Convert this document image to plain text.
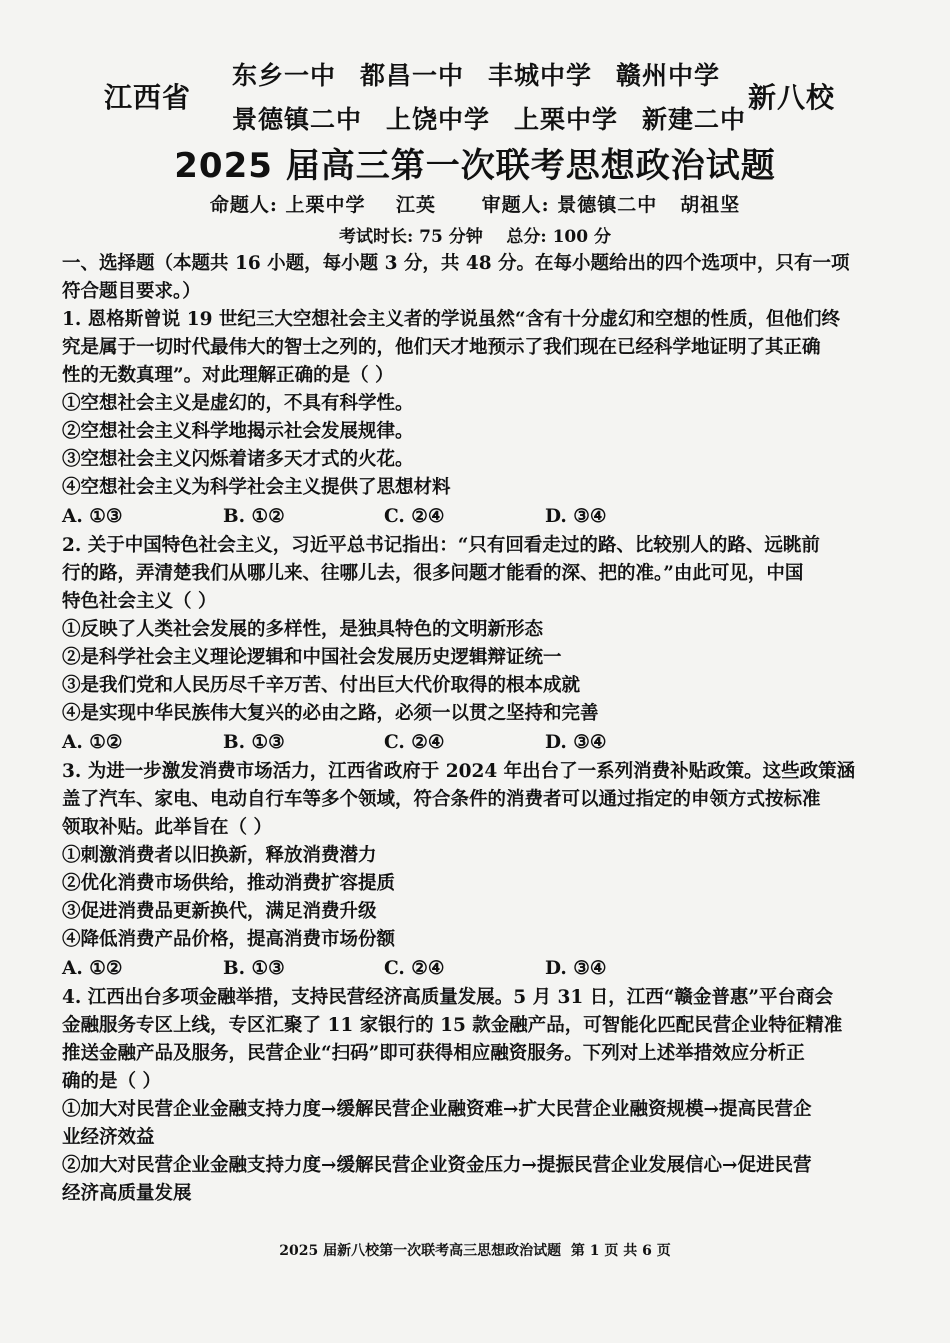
江西省
东乡一中 都昌一中 丰城中学 赣州中学
景德镇二中 上饶中学 上栗中学 新建二中
新八校
2025 届高三第一次联考思想政治试题
命题人: 上栗中学    江英      审题人: 景德镇二中   胡祖坚
考试时长: 75 分钟    总分: 100 分
一、选择题（本题共 16 小题，每小题 3 分，共 48 分。在每小题给出的四个选项中，只有一项
符合题目要求。）
1. 恩格斯曾说 19 世纪三大空想社会主义者的学说虽然“含有十分虚幻和空想的性质，但他们终
究是属于一切时代最伟大的智士之列的，他们天才地预示了我们现在已经科学地证明了其正确
性的无数真理”。对此理解正确的是（ ）
①空想社会主义是虚幻的，不具有科学性。
②空想社会主义科学地揭示社会发展规律。
③空想社会主义闪烁着诸多天才式的火花。
④空想社会主义为科学社会主义提供了思想材料
A. ①③	B. ①②	C. ②④	D. ③④
2. 关于中国特色社会主义，习近平总书记指出：“只有回看走过的路、比较别人的路、远眺前
行的路，弄清楚我们从哪儿来、往哪儿去，很多问题才能看的深、把的准。”由此可见，中国
特色社会主义（ ）
①反映了人类社会发展的多样性，是独具特色的文明新形态
②是科学社会主义理论逻辑和中国社会发展历史逻辑辩证统一
③是我们党和人民历尽千辛万苦、付出巨大代价取得的根本成就
④是实现中华民族伟大复兴的必由之路，必须一以贯之坚持和完善
A. ①②	B. ①③	C. ②④	D. ③④
3. 为进一步激发消费市场活力，江西省政府于 2024 年出台了一系列消费补贴政策。这些政策涵
盖了汽车、家电、电动自行车等多个领域，符合条件的消费者可以通过指定的申领方式按标准
领取补贴。此举旨在（ ）
①刺激消费者以旧换新，释放消费潜力
②优化消费市场供给，推动消费扩容提质
③促进消费品更新换代，满足消费升级
④降低消费产品价格，提高消费市场份额
A. ①②	B. ①③	C. ②④	D. ③④
4. 江西出台多项金融举措，支持民营经济高质量发展。5 月 31 日，江西“赣金普惠”平台商会
金融服务专区上线，专区汇聚了 11 家银行的 15 款金融产品，可智能化匹配民营企业特征精准
推送金融产品及服务，民营企业“扫码”即可获得相应融资服务。下列对上述举措效应分析正
确的是（ ）
①加大对民营企业金融支持力度→缓解民营企业融资难→扩大民营企业融资规模→提高民营企
业经济效益
②加大对民营企业金融支持力度→缓解民营企业资金压力→提振民营企业发展信心→促进民营
经济高质量发展
2025 届新八校第一次联考高三思想政治试题  第 1 页 共 6 页
